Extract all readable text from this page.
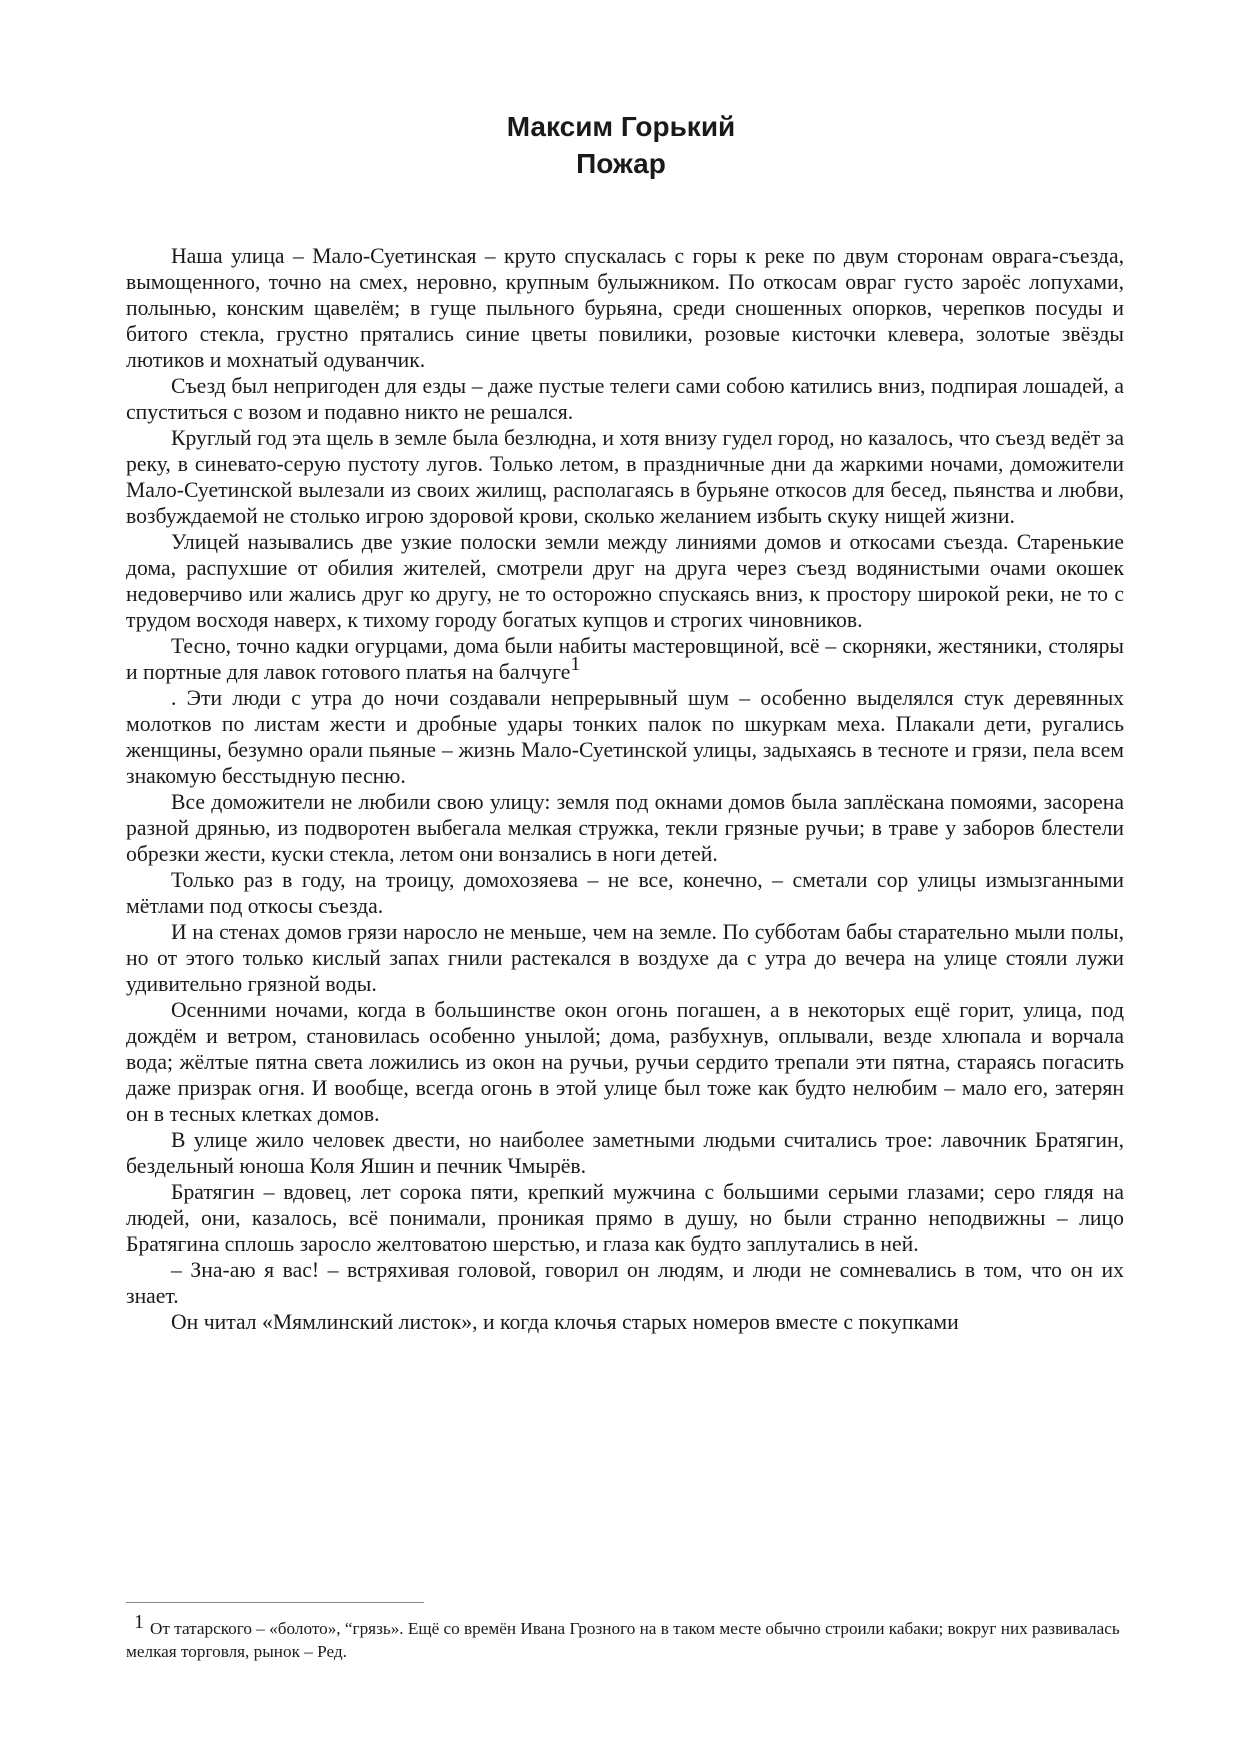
Максим Горький
Пожар

Наша улица – Мало-Суетинская – круто спускалась с горы к реке по двум сторонам оврага-съезда, вымощенного, точно на смех, неровно, крупным булыжником. По откосам овраг густо зароёс лопухами, полынью, конским щавелём; в гуще пыльного бурьяна, среди сношенных опорков, черепков посуды и битого стекла, грустно прятались синие цветы повилики, розовые кисточки клевера, золотые звёзды лютиков и мохнатый одуванчик.

Съезд был непригоден для езды – даже пустые телеги сами собою катились вниз, подпирая лошадей, а спуститься с возом и подавно никто не решался.

Круглый год эта щель в земле была безлюдна, и хотя внизу гудел город, но казалось, что съезд ведёт за реку, в синевато-серую пустоту лугов. Только летом, в праздничные дни да жаркими ночами, доможители Мало-Суетинской вылезали из своих жилищ, располагаясь в бурьяне откосов для бесед, пьянства и любви, возбуждаемой не столько игрою здоровой крови, сколько желанием избыть скуку нищей жизни.

Улицей назывались две узкие полоски земли между линиями домов и откосами съезда. Старенькие дома, распухшие от обилия жителей, смотрели друг на друга через съезд водянистыми очами окошек недоверчиво или жались друг ко другу, не то осторожно спускаясь вниз, к простору широкой реки, не то с трудом восходя наверх, к тихому городу богатых купцов и строгих чиновников.

Тесно, точно кадки огурцами, дома были набиты мастеровщиной, всё – скорняки, жестяники, столяры и портные для лавок готового платья на балчуге1

. Эти люди с утра до ночи создавали непрерывный шум – особенно выделялся стук деревянных молотков по листам жести и дробные удары тонких палок по шкуркам меха. Плакали дети, ругались женщины, безумно орали пьяные – жизнь Мало-Суетинской улицы, задыхаясь в тесноте и грязи, пела всем знакомую бесстыдную песню.

Все доможители не любили свою улицу: земля под окнами домов была заплёскана помоями, засорена разной дрянью, из подворотен выбегала мелкая стружка, текли грязные ручьи; в траве у заборов блестели обрезки жести, куски стекла, летом они вонзались в ноги детей.

Только раз в году, на троицу, домохозяева – не все, конечно, – сметали сор улицы измызганными мётлами под откосы съезда.

И на стенах домов грязи наросло не меньше, чем на земле. По субботам бабы старательно мыли полы, но от этого только кислый запах гнили растекался в воздухе да с утра до вечера на улице стояли лужи удивительно грязной воды.

Осенними ночами, когда в большинстве окон огонь погашен, а в некоторых ещё горит, улица, под дождём и ветром, становилась особенно унылой; дома, разбухнув, оплывали, везде хлюпала и ворчала вода; жёлтые пятна света ложились из окон на ручьи, ручьи сердито трепали эти пятна, стараясь погасить даже призрак огня. И вообще, всегда огонь в этой улице был тоже как будто нелюбим – мало его, затерян он в тесных клетках домов.

В улице жило человек двести, но наиболее заметными людьми считались трое: лавочник Братягин, бездельный юноша Коля Яшин и печник Чмырёв.

Братягин – вдовец, лет сорока пяти, крепкий мужчина с большими серыми глазами; серо глядя на людей, они, казалось, всё понимали, проникая прямо в душу, но были странно неподвижны – лицо Братягина сплошь заросло желтоватою шерстью, и глаза как будто заплутались в ней.

– Зна-аю я вас! – встряхивая головой, говорил он людям, и люди не сомневались в том, что он их знает.

Он читал «Мямлинский листок», и когда клочья старых номеров вместе с покупками

1 От татарского – «болото», “грязь». Ещё со времён Ивана Грозного на в таком месте обычно строили кабаки; вокруг них развивалась мелкая торговля, рынок – Ред.
